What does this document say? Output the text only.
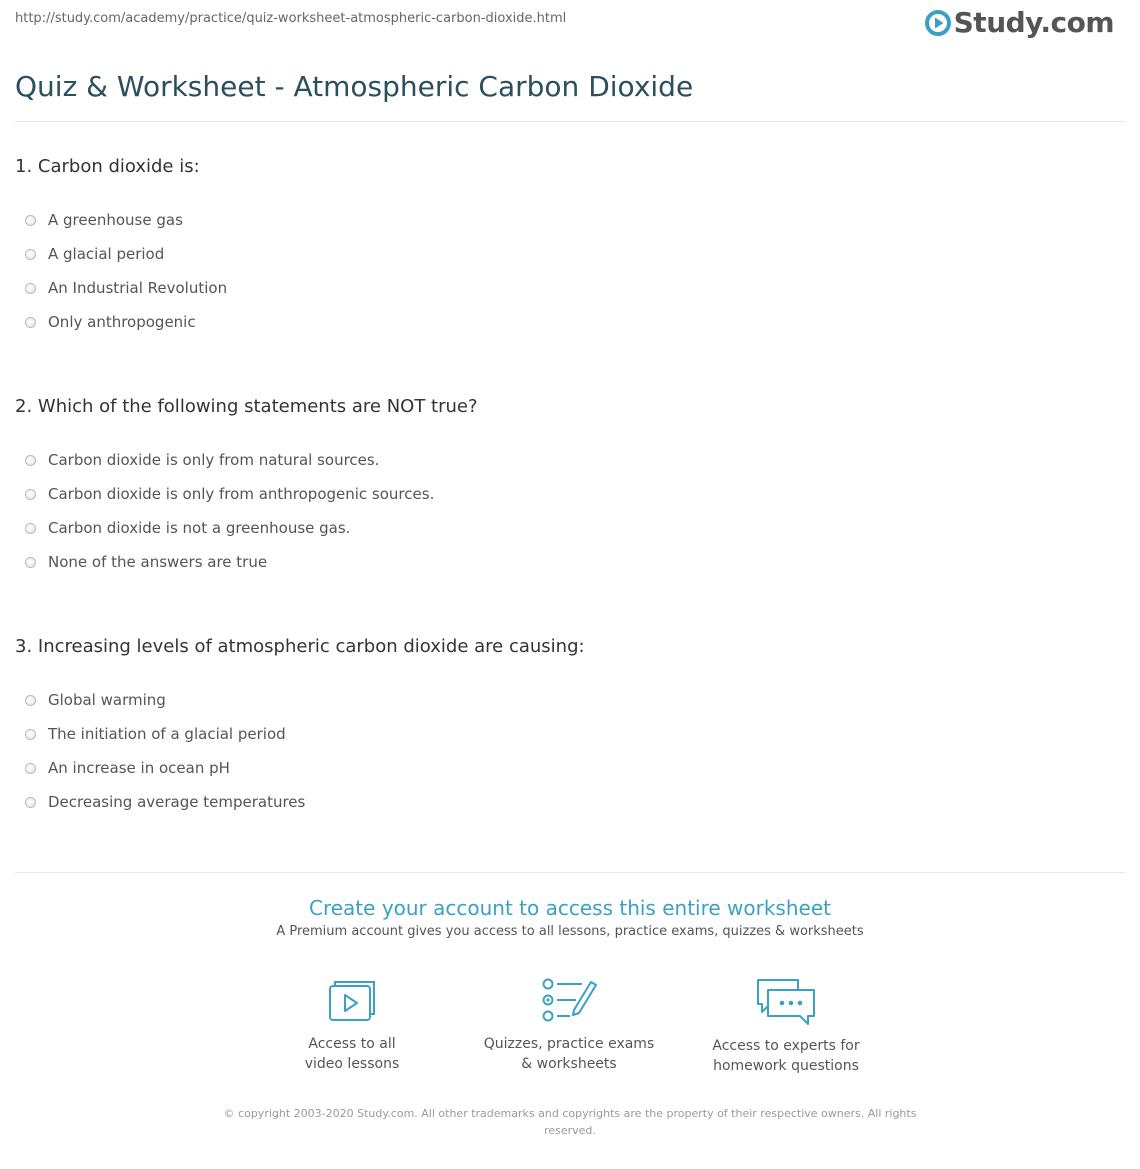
http://study.com/academy/practice/quiz-worksheet-atmospheric-carbon-dioxide.html	Study.com
Quiz & Worksheet - Atmospheric Carbon Dioxide
1. Carbon dioxide is:
A greenhouse gas
A glacial period
An Industrial Revolution
Only anthropogenic
2. Which of the following statements are NOT true?
Carbon dioxide is only from natural sources.
Carbon dioxide is only from anthropogenic sources.
Carbon dioxide is not a greenhouse gas.
None of the answers are true
3. Increasing levels of atmospheric carbon dioxide are causing:
Global warming
The initiation of a glacial period
An increase in ocean pH
Decreasing average temperatures
Create your account to access this entire worksheet
A Premium account gives you access to all lessons, practice exams, quizzes & worksheets
Access to all
video lessons
Quizzes, practice exams
& worksheets
Access to experts for
homework questions
© copyright 2003-2020 Study.com. All other trademarks and copyrights are the property of their respective owners. All rights
reserved.
